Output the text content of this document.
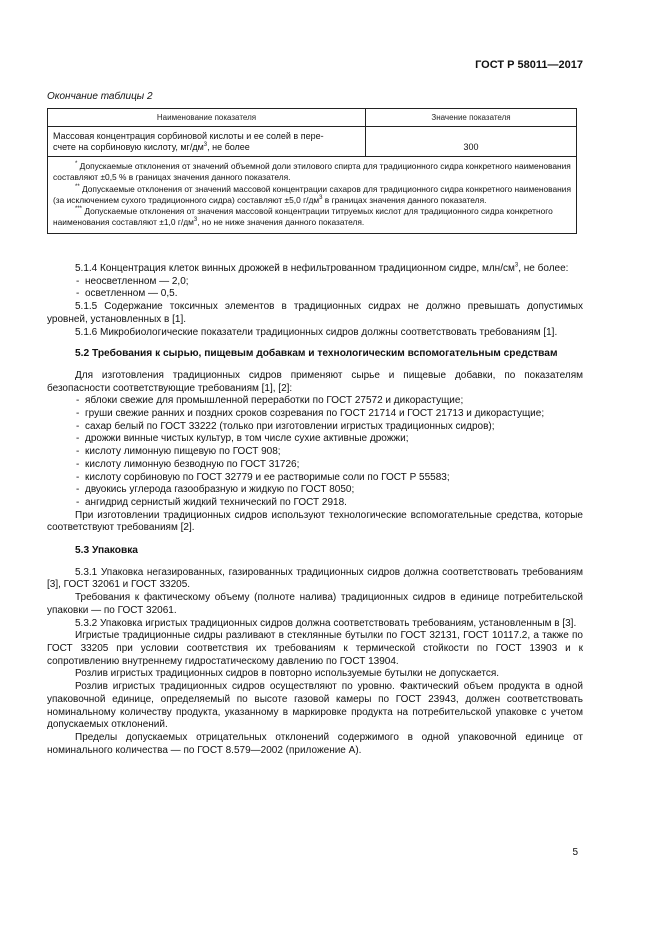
ГОСТ Р 58011—2017
Окончание таблицы 2
Наименование показателя	Значение показателя
Массовая концентрация сорбиновой кислоты и ее солей в пере-
счете на сорбиновую кислоту, $мг/дм^3$, не более	300

* Допускаемые отклонения от значений объемной доли этилового спирта для традиционного сидра конкретного наименования составляют ±0,5 % в границах значения данного показателя.

** Допускаемые отклонения от значений массовой концентрации сахаров для традиционного сидра конкретного наименования (за исключением сухого традиционного сидра) составляют ±5,0 $г/дм^3$ в границах значения данного показателя.

*** Допускаемые отклонения от значения массовой концентрации титруемых кислот для традиционного сидра конкретного наименования составляют ±1,0 $г/дм^3$, но не ниже значения данного показателя.	

5.1.4 Концентрация клеток винных дрожжей в нефильтрованном традиционном сидре, млн/$см^3$, не более:

- неосветленном — 2,0;
- осветленном — 0,5.

5.1.5 Содержание токсичных элементов в традиционных сидрах не должно превышать допустимых уровней, установленных в [1].

5.1.6 Микробиологические показатели традиционных сидров должны соответствовать требованиям [1].

5.2 Требования к сырью, пищевым добавкам и технологическим вспомогательным средствам

Для изготовления традиционных сидров применяют сырье и пищевые добавки, по показателям безопасности соответствующие требованиям [1], [2]:

- яблоки свежие для промышленной переработки по ГОСТ 27572 и дикорастущие;
- груши свежие ранних и поздних сроков созревания по ГОСТ 21714 и ГОСТ 21713 и дикорастущие;
- сахар белый по ГОСТ 33222 (только при изготовлении игристых традиционных сидров);
- дрожжи винные чистых культур, в том числе сухие активные дрожжи;
- кислоту лимонную пищевую по ГОСТ 908;
- кислоту лимонную безводную по ГОСТ 31726;
- кислоту сорбиновую по ГОСТ 32779 и ее растворимые соли по ГОСТ Р 55583;
- двуокись углерода газообразную и жидкую по ГОСТ 8050;
- ангидрид сернистый жидкий технический по ГОСТ 2918.

При изготовлении традиционных сидров используют технологические вспомогательные средства, которые соответствуют требованиям [2].

5.3 Упаковка

5.3.1 Упаковка негазированных, газированных традиционных сидров должна соответствовать требованиям [3], ГОСТ 32061 и ГОСТ 33205.

Требования к фактическому объему (полноте налива) традиционных сидров в единице потребительской упаковки — по ГОСТ 32061.

5.3.2 Упаковка игристых традиционных сидров должна соответствовать требованиям, установленным в [3].

Игристые традиционные сидры разливают в стеклянные бутылки по ГОСТ 32131, ГОСТ 10117.2, а также по ГОСТ 33205 при условии соответствия их требованиям к термической стойкости по ГОСТ 13903 и к сопротивлению внутреннему гидростатическому давлению по ГОСТ 13904.

Розлив игристых традиционных сидров в повторно используемые бутылки не допускается.

Розлив игристых традиционных сидров осуществляют по уровню. Фактический объем продукта в одной упаковочной единице, определяемый по высоте газовой камеры по ГОСТ 23943, должен соответствовать номинальному количеству продукта, указанному в маркировке продукта на потребительской упаковке с учетом допускаемых отклонений.

Пределы допускаемых отрицательных отклонений содержимого в одной упаковочной единице от номинального количества — по ГОСТ 8.579—2002 (приложение А).

5
